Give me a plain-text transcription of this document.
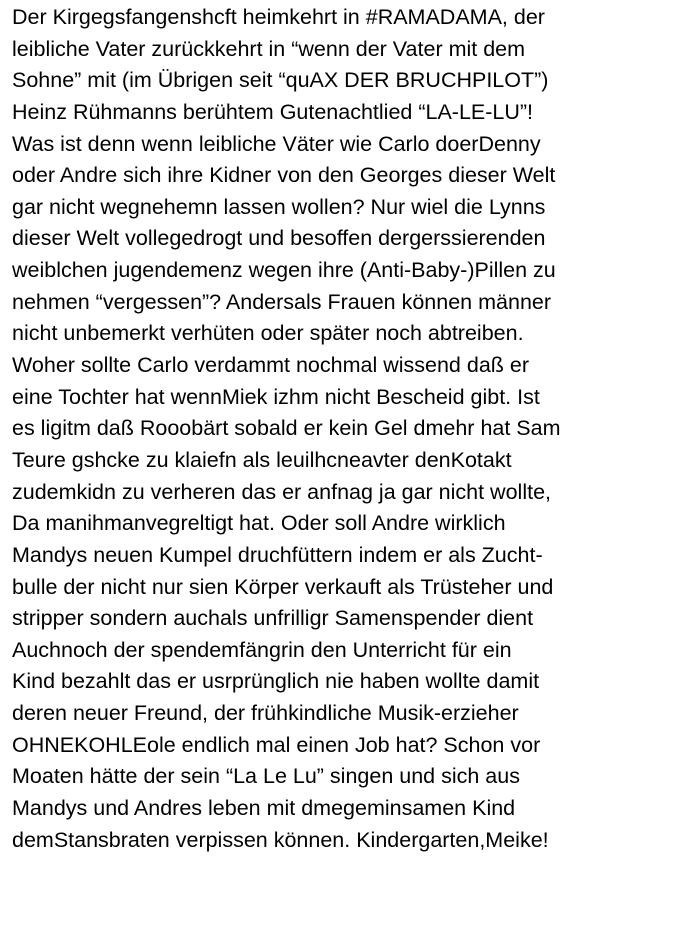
Der Kirgegsfangenshcft heimkehrt in #RAMADAMA, der
leibliche Vater zurückkehrt in “wenn der Vater mit dem
Sohne” mit (im Übrigen seit “quAX DER BRUCHPILOT”)
Heinz Rühmanns berühtem Gutenachtlied “LA-LE-LU”!
Was ist denn wenn leibliche Väter wie Carlo doerDenny
oder Andre sich ihre Kidner von den Georges dieser Welt
gar nicht wegnehemn lassen wollen? Nur wiel die Lynns
dieser Welt vollegedrogt und besoffen dergerssierenden
weiblchen jugendemenz wegen ihre (Anti-Baby-)Pillen zu
nehmen “vergessen”? Andersals Frauen können männer
nicht unbemerkt verhüten oder später noch abtreiben.
Woher sollte Carlo verdammt nochmal wissend daß er
eine Tochter hat wennMiek izhm nicht Bescheid gibt. Ist
es ligitm daß Rooobärt sobald er kein Gel dmehr hat Sam
Teure gshcke zu klaiefn als leuilhcneavter denKotakt
zudemkidn zu verheren das er anfnag ja gar nicht wollte,
Da manihmanvegreltigt hat. Oder soll Andre wirklich
Mandys neuen Kumpel druchfüttern indem er als Zucht-
bulle der nicht nur sien Körper verkauft als Trüsteher und
stripper sondern auchals unfrilligr Samenspender dient
Auchnoch der spendemfängrin den Unterricht für ein
Kind bezahlt das er usrprünglich nie haben wollte damit
deren neuer Freund, der frühkindliche Musik-erzieher
OHNEKOHLEole endlich mal einen Job hat? Schon vor
Moaten hätte der sein “La Le Lu” singen und sich aus
Mandys und Andres leben mit dmegeminsamen Kind
demStansbraten verpissen können. Kindergarten,Meike!
